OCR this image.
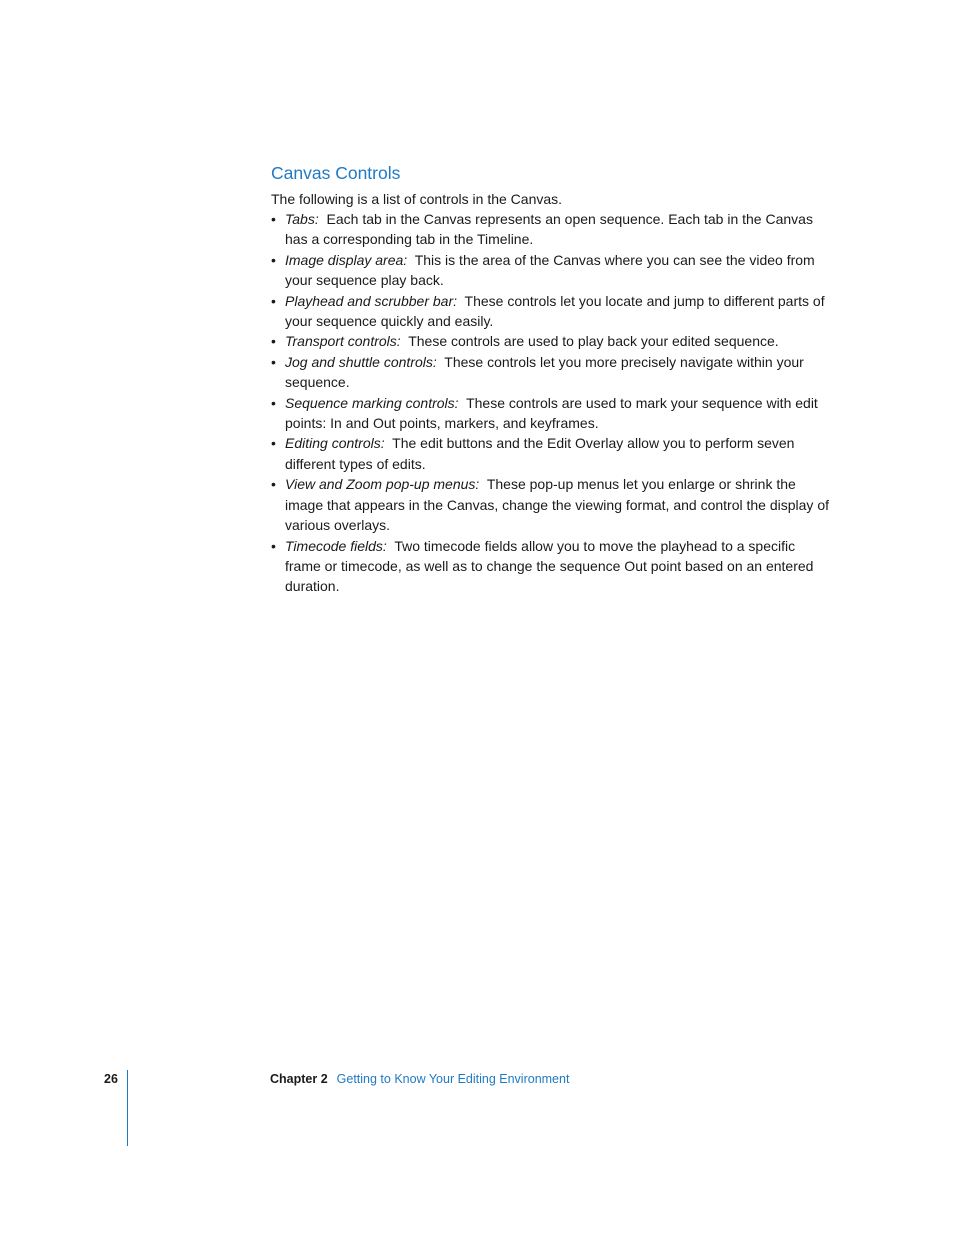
Canvas Controls

The following is a list of controls in the Canvas.

• Tabs: Each tab in the Canvas represents an open sequence. Each tab in the Canvas has a corresponding tab in the Timeline.
• Image display area: This is the area of the Canvas where you can see the video from your sequence play back.
• Playhead and scrubber bar: These controls let you locate and jump to different parts of your sequence quickly and easily.
• Transport controls: These controls are used to play back your edited sequence.
• Jog and shuttle controls: These controls let you more precisely navigate within your sequence.
• Sequence marking controls: These controls are used to mark your sequence with edit points: In and Out points, markers, and keyframes.
• Editing controls: The edit buttons and the Edit Overlay allow you to perform seven different types of edits.
• View and Zoom pop-up menus: These pop-up menus let you enlarge or shrink the image that appears in the Canvas, change the viewing format, and control the display of various overlays.
• Timecode fields: Two timecode fields allow you to move the playhead to a specific frame or timecode, as well as to change the sequence Out point based on an entered duration.
26	Chapter 2 Getting to Know Your Editing Environment
